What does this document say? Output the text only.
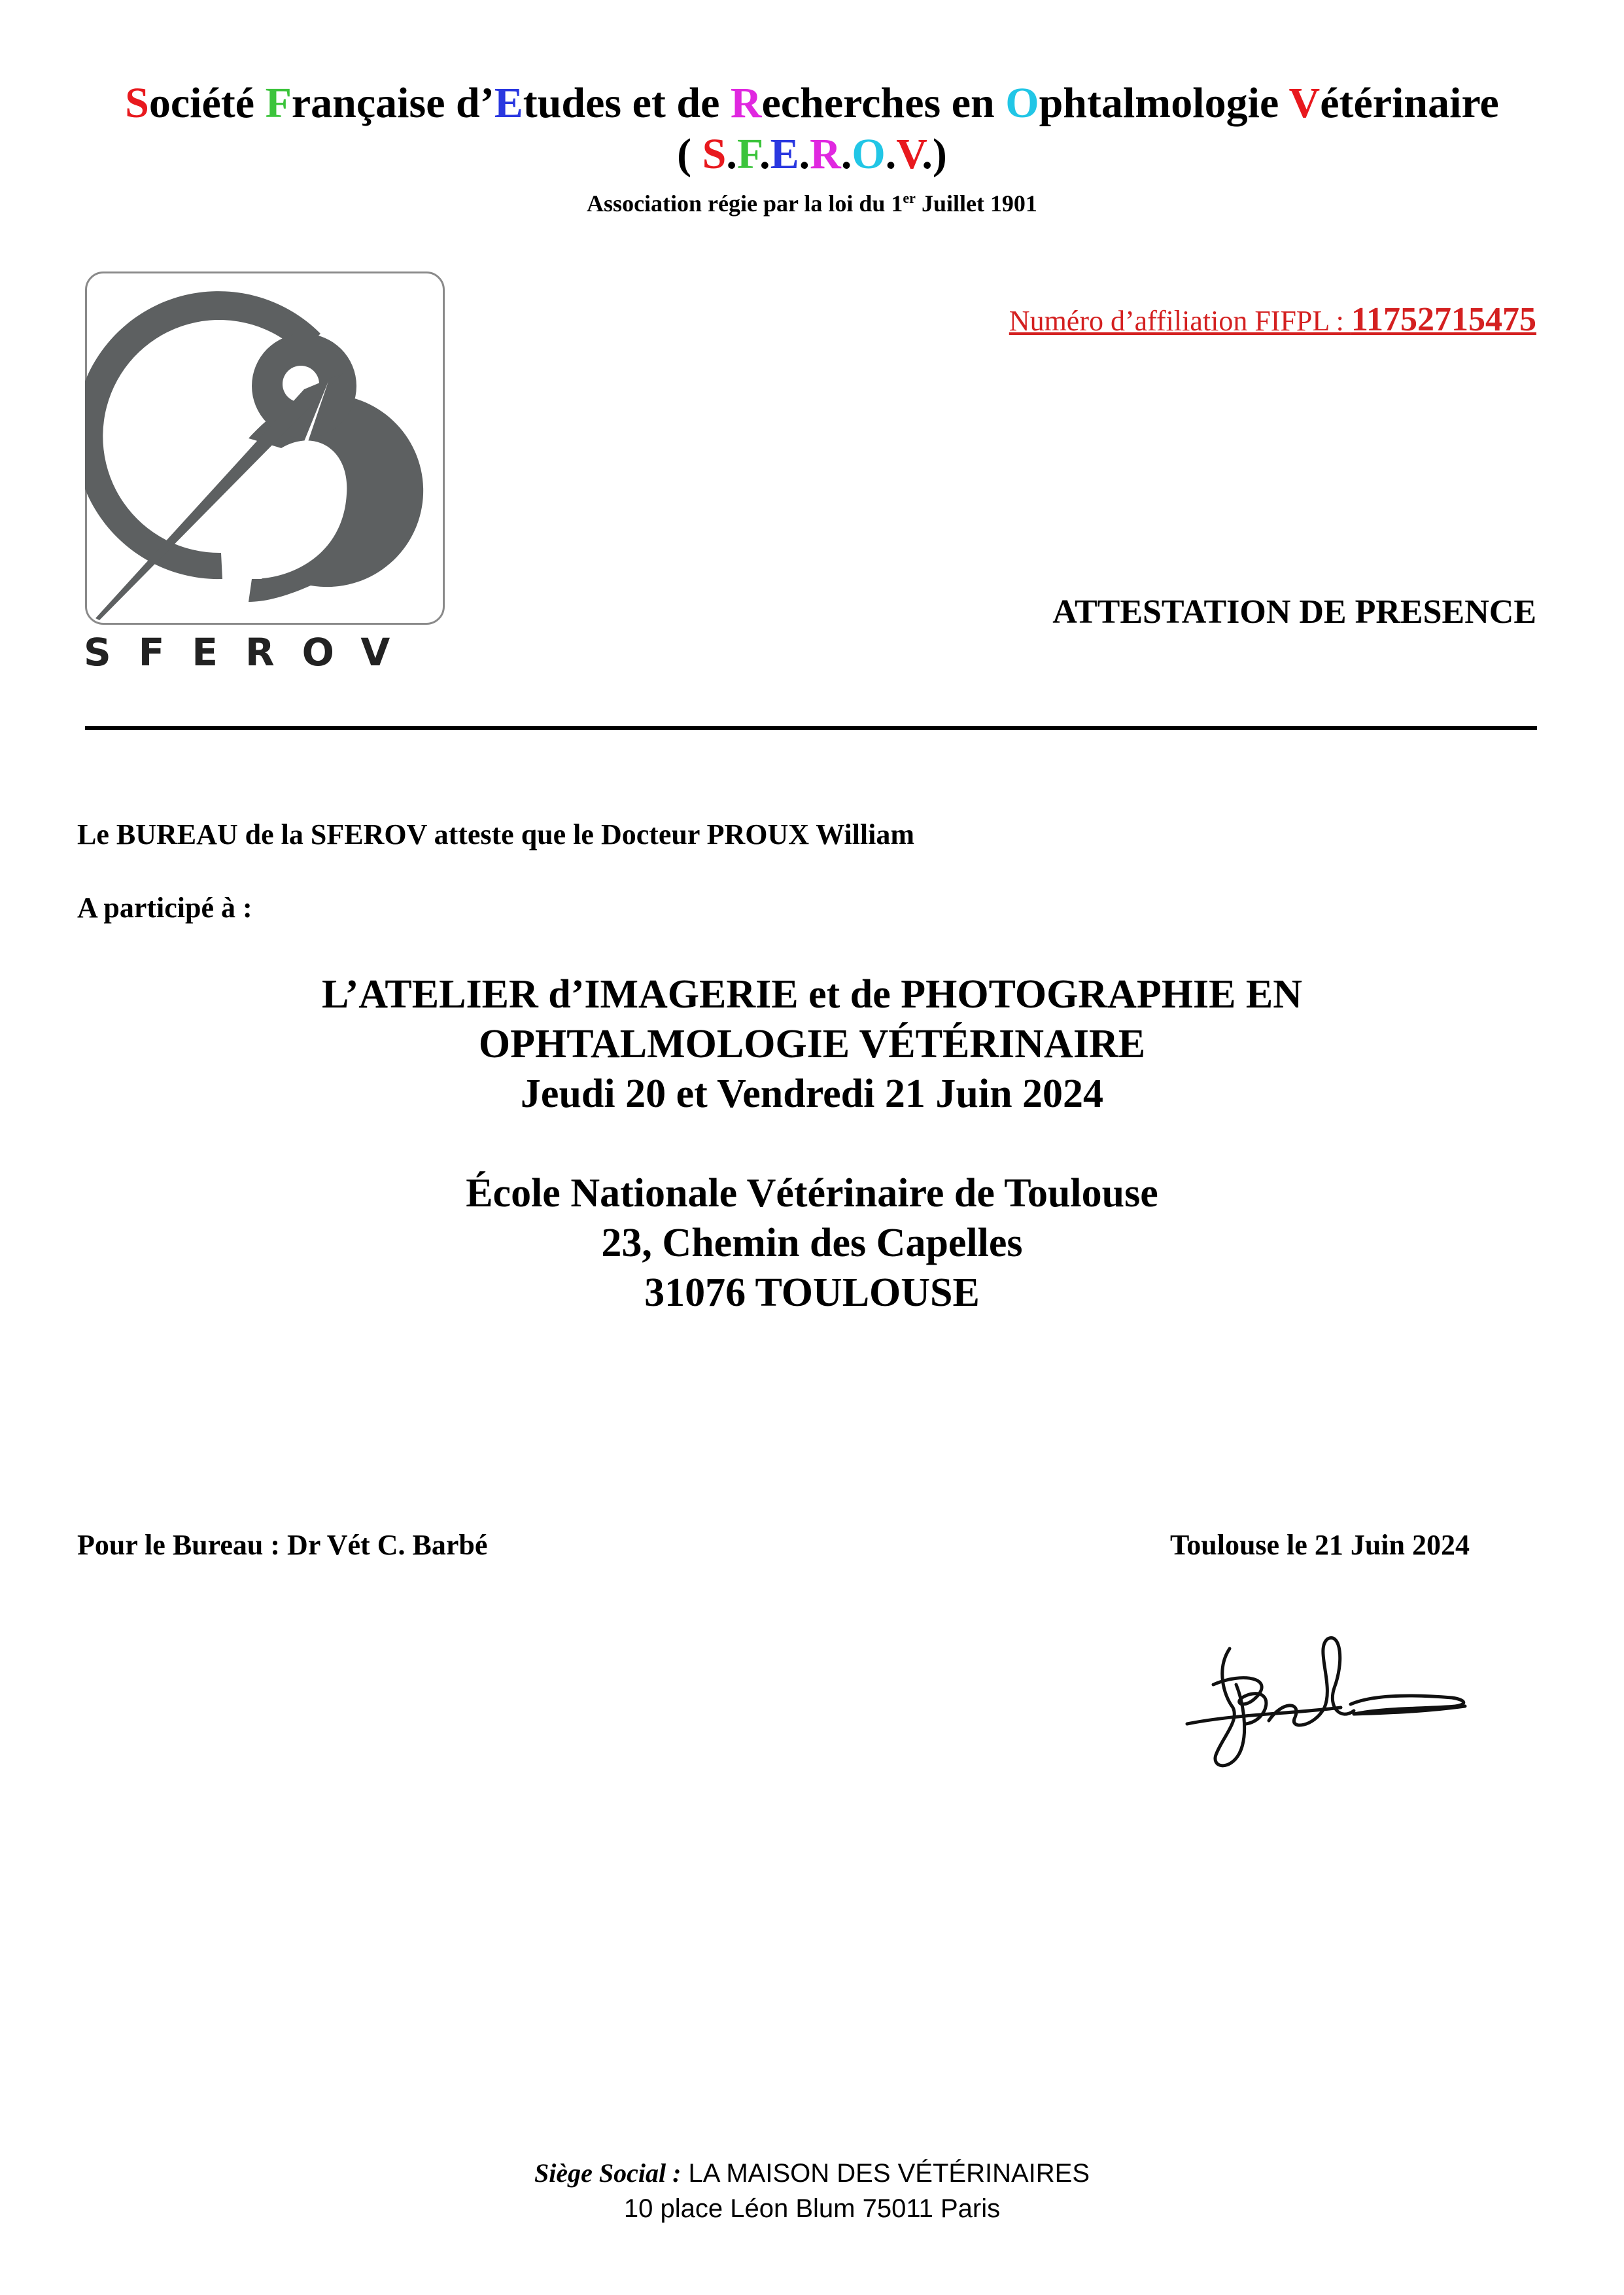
Société Française d’Etudes et de Recherches en Ophtalmologie Vétérinaire
( S.F.E.R.O.V.)
Association régie par la loi du 1er Juillet 1901
SFEROV
Numéro d’affiliation FIFPL : 11752715475
ATTESTATION DE PRESENCE
Le BUREAU de la SFEROV atteste que le Docteur PROUX William
A participé à :
L’ATELIER d’IMAGERIE et de PHOTOGRAPHIE EN
OPHTALMOLOGIE VÉTÉRINAIRE
Jeudi 20 et Vendredi 21 Juin 2024
École Nationale Vétérinaire de Toulouse
23, Chemin des Capelles
31076 TOULOUSE
Pour le Bureau : Dr Vét C. Barbé	Toulouse le 21 Juin 2024
Siège Social : LA MAISON DES VÉTÉRINAIRES
10 place Léon Blum 75011 Paris
